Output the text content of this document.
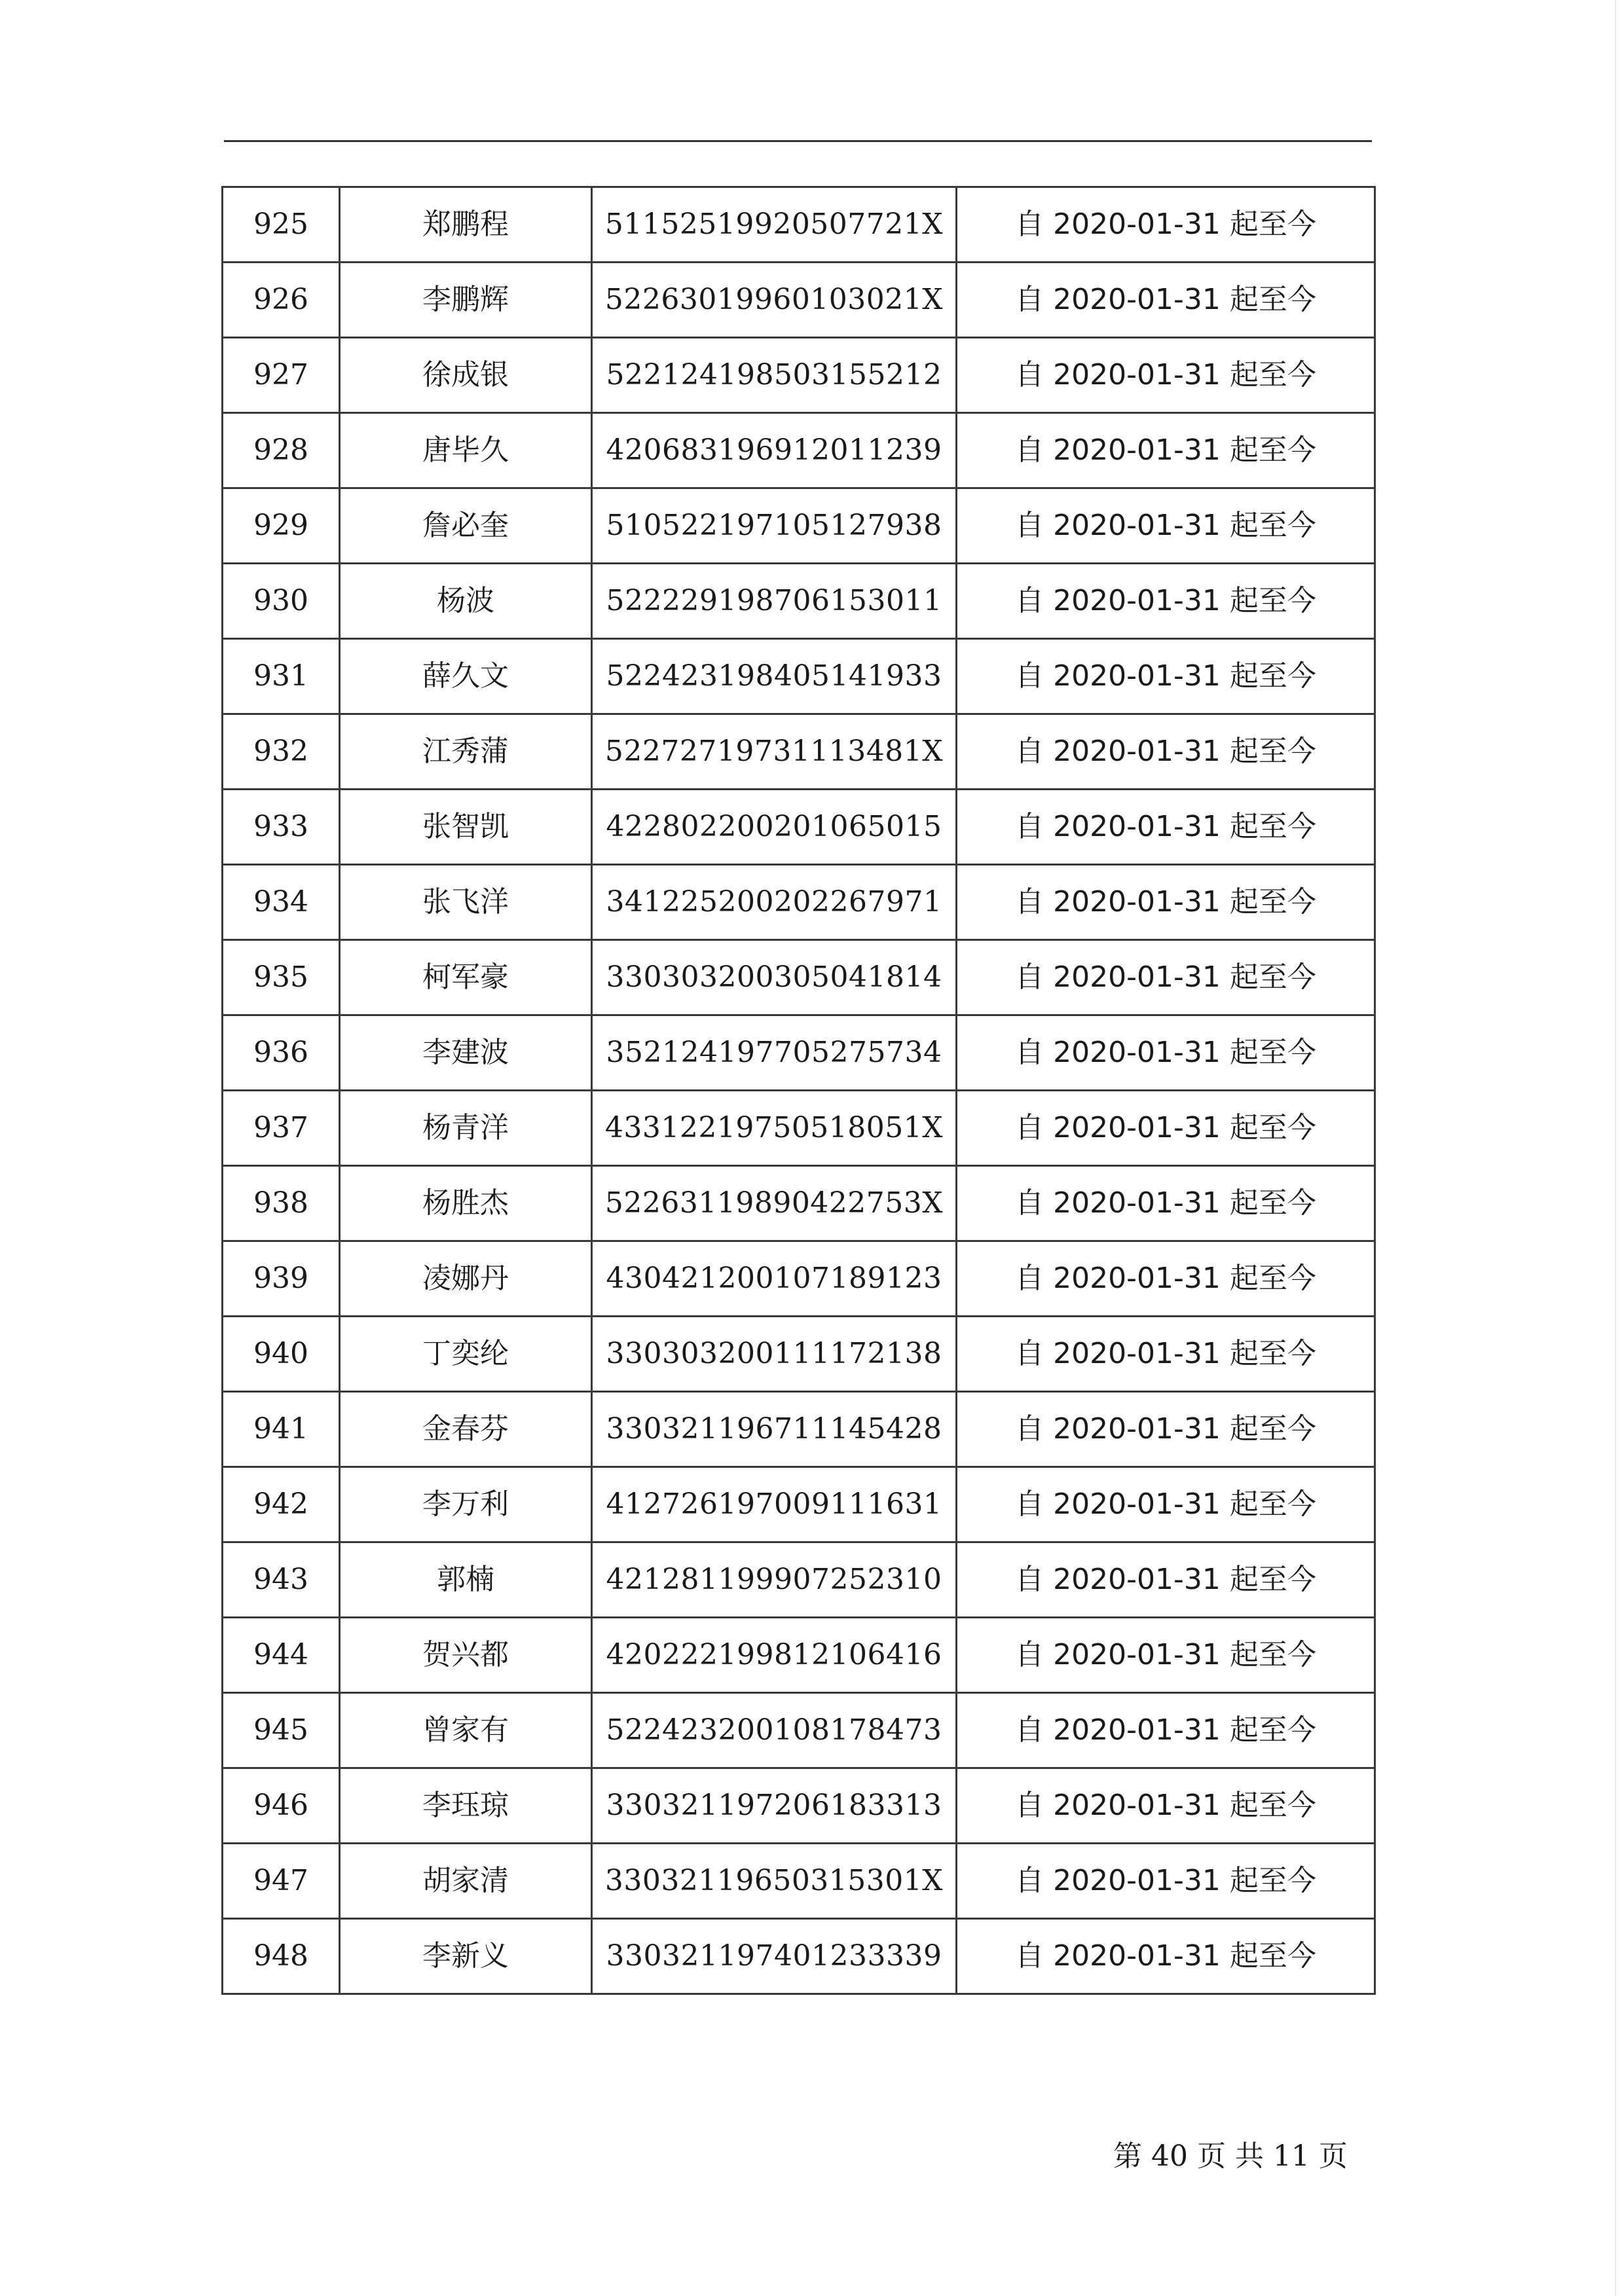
925	郑鹏程	51152519920507721X	自 2020-01-31 起至今
926	李鹏辉	52263019960103021X	自 2020-01-31 起至今
927	徐成银	522124198503155212	自 2020-01-31 起至今
928	唐毕久	420683196912011239	自 2020-01-31 起至今
929	詹必奎	510522197105127938	自 2020-01-31 起至今
930	杨波	522229198706153011	自 2020-01-31 起至今
931	薛久文	522423198405141933	自 2020-01-31 起至今
932	江秀蒲	52272719731113481X	自 2020-01-31 起至今
933	张智凯	422802200201065015	自 2020-01-31 起至今
934	张飞洋	341225200202267971	自 2020-01-31 起至今
935	柯军豪	330303200305041814	自 2020-01-31 起至今
936	李建波	352124197705275734	自 2020-01-31 起至今
937	杨青洋	43312219750518051X	自 2020-01-31 起至今
938	杨胜杰	52263119890422753X	自 2020-01-31 起至今
939	凌娜丹	430421200107189123	自 2020-01-31 起至今
940	丁奕纶	330303200111172138	自 2020-01-31 起至今
941	金春芬	330321196711145428	自 2020-01-31 起至今
942	李万利	412726197009111631	自 2020-01-31 起至今
943	郭楠	421281199907252310	自 2020-01-31 起至今
944	贺兴都	420222199812106416	自 2020-01-31 起至今
945	曾家有	522423200108178473	自 2020-01-31 起至今
946	李珏琼	330321197206183313	自 2020-01-31 起至今
947	胡家清	33032119650315301X	自 2020-01-31 起至今
948	李新义	330321197401233339	自 2020-01-31 起至今
第 40 页 共 11 页
